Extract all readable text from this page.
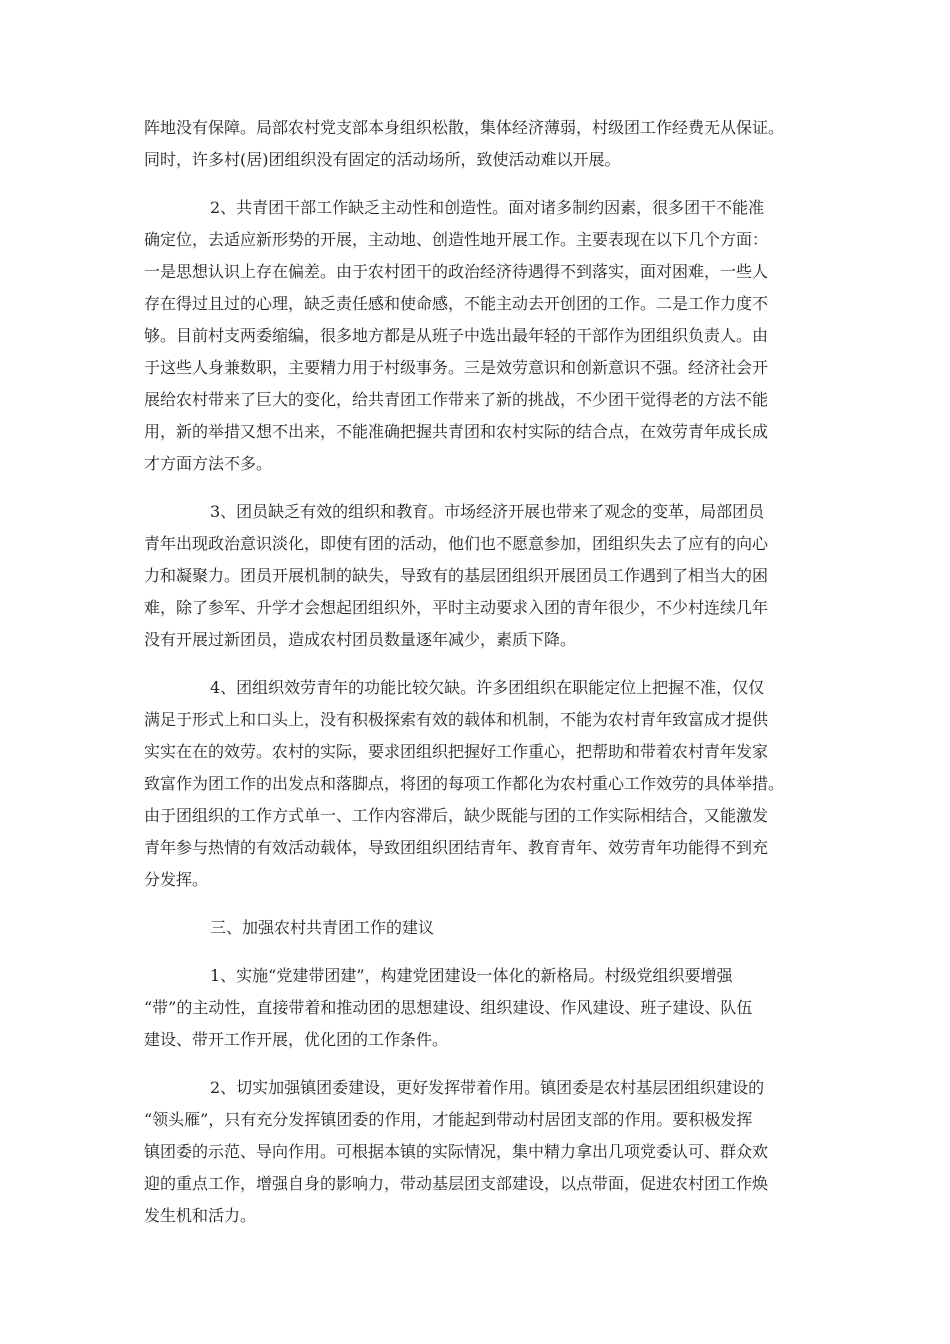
阵地没有保障。局部农村党支部本身组织松散，集体经济薄弱，村级团工作经费无从保证。
同时，许多村(居)团组织没有固定的活动场所，致使活动难以开展。
2、共青团干部工作缺乏主动性和创造性。面对诸多制约因素，很多团干不能准
确定位，去适应新形势的开展，主动地、创造性地开展工作。主要表现在以下几个方面：
一是思想认识上存在偏差。由于农村团干的政治经济待遇得不到落实，面对困难，一些人
存在得过且过的心理，缺乏责任感和使命感，不能主动去开创团的工作。二是工作力度不
够。目前村支两委缩编，很多地方都是从班子中选出最年轻的干部作为团组织负责人。由
于这些人身兼数职，主要精力用于村级事务。三是效劳意识和创新意识不强。经济社会开
展给农村带来了巨大的变化，给共青团工作带来了新的挑战，不少团干觉得老的方法不能
用，新的举措又想不出来，不能准确把握共青团和农村实际的结合点，在效劳青年成长成
才方面方法不多。
3、团员缺乏有效的组织和教育。市场经济开展也带来了观念的变革，局部团员
青年出现政治意识淡化，即使有团的活动，他们也不愿意参加，团组织失去了应有的向心
力和凝聚力。团员开展机制的缺失，导致有的基层团组织开展团员工作遇到了相当大的困
难，除了参军、升学才会想起团组织外，平时主动要求入团的青年很少，不少村连续几年
没有开展过新团员，造成农村团员数量逐年减少，素质下降。
4、团组织效劳青年的功能比较欠缺。许多团组织在职能定位上把握不准，仅仅
满足于形式上和口头上，没有积极探索有效的载体和机制，不能为农村青年致富成才提供
实实在在的效劳。农村的实际，要求团组织把握好工作重心，把帮助和带着农村青年发家
致富作为团工作的出发点和落脚点，将团的每项工作都化为农村重心工作效劳的具体举措。
由于团组织的工作方式单一、工作内容滞后，缺少既能与团的工作实际相结合，又能激发
青年参与热情的有效活动载体，导致团组织团结青年、教育青年、效劳青年功能得不到充
分发挥。
三、加强农村共青团工作的建议
1、实施“党建带团建”，构建党团建设一体化的新格局。村级党组织要增强
“带”的主动性，直接带着和推动团的思想建设、组织建设、作风建设、班子建设、队伍
建设、带开工作开展，优化团的工作条件。
2、切实加强镇团委建设，更好发挥带着作用。镇团委是农村基层团组织建设的
“领头雁”，只有充分发挥镇团委的作用，才能起到带动村居团支部的作用。要积极发挥
镇团委的示范、导向作用。可根据本镇的实际情况，集中精力拿出几项党委认可、群众欢
迎的重点工作，增强自身的影响力，带动基层团支部建设，以点带面，促进农村团工作焕
发生机和活力。
